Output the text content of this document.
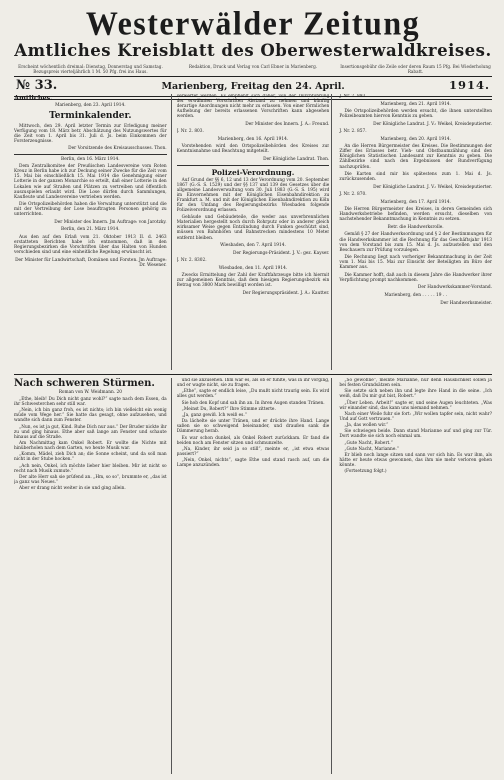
Westerwälder Zeitung
Amtliches Kreisblatt des Oberwesterwaldkreises.
Erscheint wöchentlich dreimal: Dienstag, Donnerstag und Samstag. Bezugspreis vierteljährlich 1 M. 50 Pfg. frei ins Haus.
Redaktion, Druck und Verlag von Carl Ebner in Marienberg.	Insertionsgebühr die Zeile oder deren Raum 15 Pfg. Bei Wiederholung Rabatt.
№ 33.	Marienberg, Freitag den 24. April.	1914.
Amtliches.

Marienberg, den 23. April 1914.

Terminkalender.

Mittwoch, den 29. April letzter Termin zur Erledigung meiner Verfügung vom 18. März betr. Abschätzung des Nutzungswertes für die Zeit vom 1. April bis 31. Juli d. Js. beim Einkommen der Forsterzeugnisse.

Der Vorsitzende des Kreisausschusses. Thon.

Berlin, den 16. März 1914.

Dem Zentralkomitee der Preußischen Landesvereine vom Roten Kreuz in Berlin habe ich zur Deckung seiner Zwecke für die Zeit vom 15. Mai bis einschließlich 15. Mai 1914 die Genehmigung einer Lotterie in der ganzen Monarchie so erteilt, daß einer Lotterie in den Lokalen wie auf Straßen und Plätzen zu vertreiben und öffentlich auszuspielen erlaubt wird. Die Lose dürfen durch Sammlungen, Kaufleute und Landesvereine vertrieben werden.

Die Ortspolizeibehörden haben die Verwaltung unterstützt und die mit der Vertreibung der Lose beauftragten Personen gehörig zu unterrichten.

Der Minister des Innern. Jm Auftrage: von Jarotzky.

Berlin, den 21. März 1914.

Aus den auf den Erlaß vom 21. Oktober 1913 II. d. 2463 erstatteten Berichten habe ich entnommen, daß in den Regierungsbezirken die Vorschriften über das Halten von Hunden verschieden sind und eine einheitliche Regelung erwünscht ist.

Der Minister für Landwirtschaft, Domänen und Forsten. Jm Auftrage: Dr. Wesener.

verwertet werden. Es empfiehlt sich daher, von der Durchführung der erwähnten Vorschriften Abstand zu nehmen und künftig derartige Anordnungen nicht mehr zu erlassen. Von einer förmlichen Aufhebung der bereits erlassenen Vorschriften kann abgesehen werden.

Der Minister des Innern. J. A.: Freund.

J. Nr. 2. 803.

Marienberg, den 16. April 1914.

Vorstehenden wird den Ortspolizeibehörden des Kreises zur Kenntnisnahme und Beachtung mitgeteilt.

Der Königliche Landrat. Thon.

Polizei-Verordnung.

Auf Grund der §§ 6, 12 und 13 der Verordnung vom 20. September 1867 (G.-S. S. 1529) und der §§ 137 und 139 des Gesetzes über die allgemeine Landesverwaltung vom 30. Juli 1883 (G.-S. S. 195) wird im Einvernehmen mit der Königlichen Eisenbahndirektion zu Frankfurt a. M. und mit der Königlichen Eisenbahndirektion zu Köln für den Umfang des Regierungsbezirks Wiesbaden folgende Polizeiverordnung erlassen.

Gebäude und Gebäudeteile, die weder aus unverbrennlichen Materialien hergestellt noch durch Rohrputz oder in anderer gleich wirksamer Weise gegen Entzündung durch Funken geschützt sind, müssen von Bahnhöfen und Bahnstrecken mindestens 10 Meter entfernt bleiben.

Wiesbaden, den 7. April 1914.

Der Regierungs-Präsident. J. V.: gez. Kayser.

J. Nr. 2. 8302.

Wiesbaden, den 11. April 1914.

Zwecks Ermittelung der Zahl der Kraftfahrzeuge bitte ich hiermit zur allgemeinen Kenntnis, daß dem hiesigen Regierungsbezirk ein Betrag von 3800 Mark bewilligt worden ist.

Der Regierungspräsident. J. A.: Kautter.

J. Nr. 2. 893.

Marienberg, den 21. April 1914.

Die Ortspolizeibehörden werden ersucht, die ihnen unterstellten Polizeibeamten hiervon Kenntnis zu geben.

Der Königliche Landrat. J. V.: Weikel, Kreisdeputierter.

J. Nr. 2. 857.

Marienberg, den 20. April 1914.

An die Herren Bürgermeister des Kreises. Die Bestimmungen der Ziffer des Erlasses betr. Vieh- und Obstbaumzählung sind den Königlichen Statistischen Landesamt zur Kenntnis zu geben. Die Zählbezirke sind nach den Ergebnissen der Rundverfügung nachzuprüfen.

Die Karten sind mir bis spätestens zum 1. Mai d. Js. zurückzusenden.

Der Königliche Landrat. J. V.: Weikel, Kreisdeputierter.

J. Nr. 2. 870.

Marienberg, den 17. April 1914.

Die Herren Bürgermeister des Kreises, in deren Gemeinden sich Handwerksbetriebe befinden, werden ersucht, dieselben von nachstehender Bekanntmachung in Kenntnis zu setzen.

Betr. die Handwerksrolle.

Gemäß § 27 der Handwerksordnung und § 2 der Bestimmungen für die Handwerkskammer ist die Rechnung für das Geschäftsjahr 1913 von dem Vorstand bis zum 15. Mai d. Js. aufzustellen und den Beschauern zur Prüfung vorzulegen.

Die Rechnung liegt nach vorheriger Bekanntmachung in der Zeit vom 1. Mai bis 15. Mai zur Einsicht der Beteiligten im Büro der Kammer aus.

Die Kammer hofft, daß auch in diesem Jahre die Handwerker ihrer Verpflichtung prompt nachkommen.

Der Handwerkskammer-Vorstand.

Marienberg, den . . . . . 19 . .

Der Handwerksmeister.

Nach schweren Stürmen.
Roman von W. Weidmann. 20

„Ethe, bleib! Du Dich nicht ganz wohl?“ sagte nach dem Essen, da ihr Schwesterchen sehr still war.

„Nein, ich bin ganz froh, es ist nichts; ich bin vielleicht ein wenig müde vom Wege her.“ Sie hatte das gesagt, ohne aufzusehen, und wandte sich dann zum Fenster.

„Nun, es ist ja gut, Kind. Ruhe Dich nur aus.“ Der Bruder nickte ihr zu und ging hinaus. Ethe aber saß lange am Fenster und schaute hinaus auf die Straße.

Am Nachmittag kam Onkel Robert. Er wollte die Nichte mit hinüberholen nach dem Garten, wo heute Musik war.

„Komm, Mädel, zieh Dich an; die Sonne scheint, und da soll man nicht in der Stube hocken.“

„Ach nein, Onkel, ich möchte lieber hier bleiben. Mir ist nicht so recht nach Musik zumute.“

Der alte Herr sah sie prüfend an. „Hm, so so“, brummte er, „das ist ja ganz was Neues.“

Aber er drang nicht weiter in sie und ging allein.

und sie anzusehen. Ihm war es, als ob er fühlte, was in ihr vorging, und er wagte nicht, sie zu fragen.

„Ethe“, sagte er endlich leise, „Du mußt nicht traurig sein. Es wird alles gut werden.“

Sie hob den Kopf und sah ihn an. In ihren Augen standen Tränen.

„Meinst Du, Robert?“ Ihre Stimme zitterte.

„Ja, ganz gewiß. Ich weiß es.“

Da lächelte sie unter Tränen, und er drückte ihre Hand. Lange saßen sie so schweigend beieinander, und draußen sank die Dämmerung herab.

Es war schon dunkel, als Onkel Robert zurückkam. Er fand die beiden noch am Fenster sitzen und schmunzelte.

„Na, Kinder, ihr seid ja so still“, meinte er, „ist etwa etwas passiert?“

„Nein, Onkel, nichts“, sagte Ethe und stand rasch auf, um die Lampe anzuzünden.

„So gewöhne“, meinte Marianne, nur denn Häuslichkeit sollen ja bei festen Grundsätzen sein.

Sie setzte sich neben ihn und legte ihre Hand in die seine. „Ich weiß, daß Du mir gut bist, Robert.“

„Über Leben. Arbeit!“ sagte er, und seine Augen leuchteten. „Was wir einander sind, das kann uns niemand nehmen.“

Nach einer Weile fuhr sie fort: „Wir wollen tapfer sein, nicht wahr? Und auf Gott vertrauen.“

„Ja, das wollen wir.“

Sie schwiegen beide. Dann stand Marianne auf und ging zur Tür. Dort wandte sie sich noch einmal um.

„Gute Nacht, Robert.“

„Gute Nacht, Marianne.“

Er blieb noch lange sitzen und sann vor sich hin. Es war ihm, als hätte er heute etwas gewonnen, das ihm nie mehr verloren gehen könnte.

(Fortsetzung folgt.)
